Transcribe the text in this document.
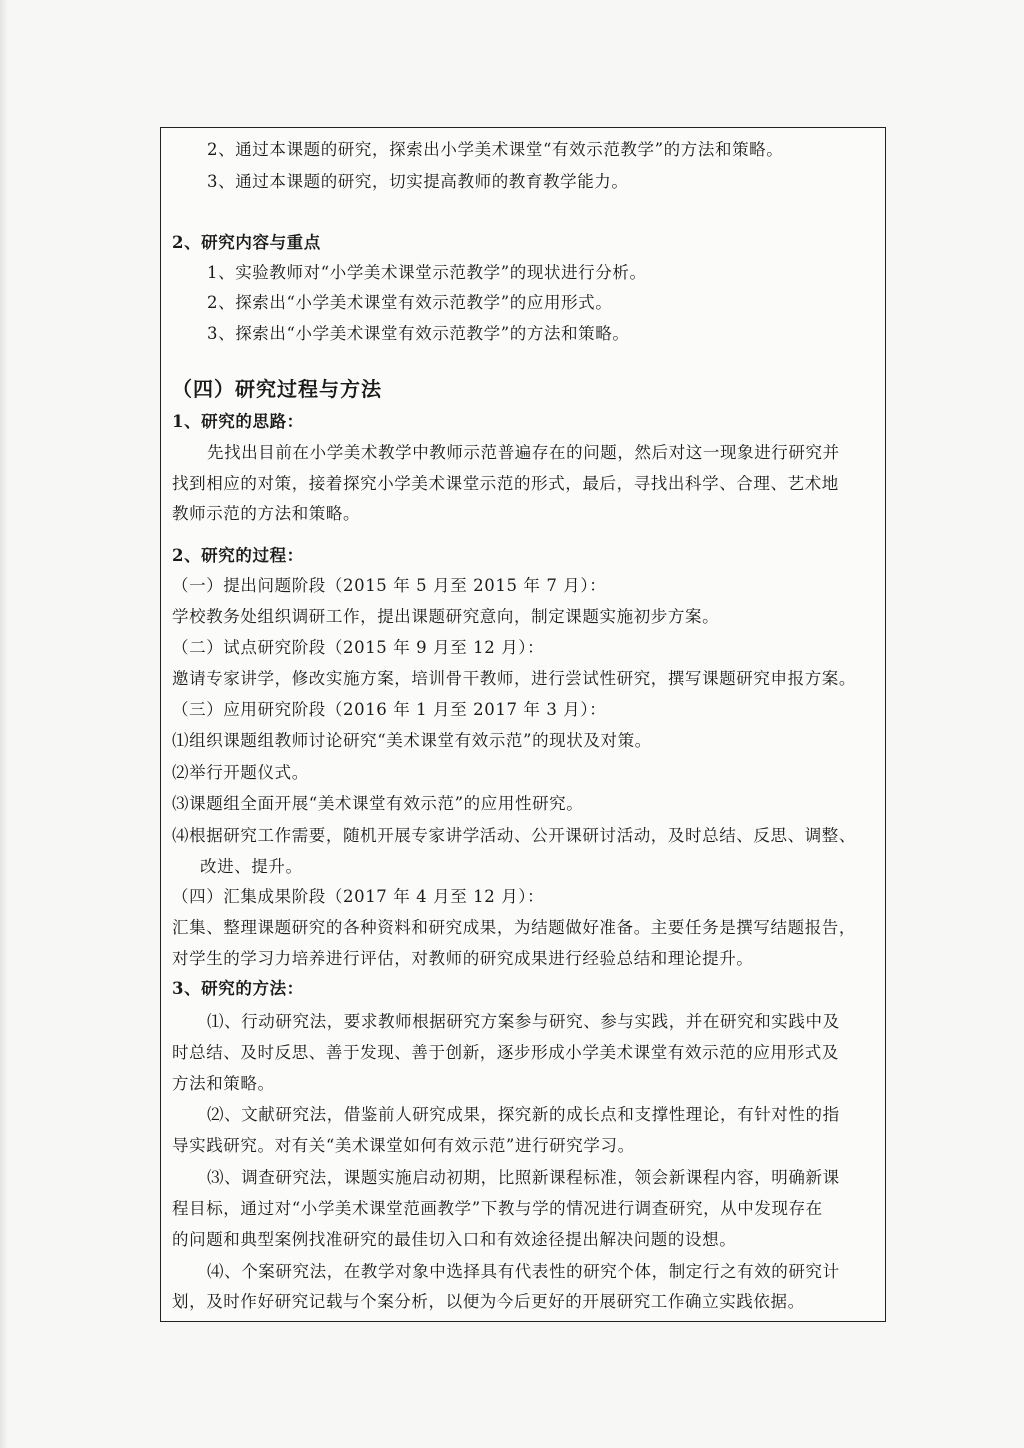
2、通过本课题的研究，探索出小学美术课堂“有效示范教学”的方法和策略。
3、通过本课题的研究，切实提高教师的教育教学能力。
2、研究内容与重点
1、实验教师对“小学美术课堂示范教学”的现状进行分析。
2、探索出“小学美术课堂有效示范教学”的应用形式。
3、探索出“小学美术课堂有效示范教学”的方法和策略。
（四）研究过程与方法
1、研究的思路：
先找出目前在小学美术教学中教师示范普遍存在的问题，然后对这一现象进行研究并
找到相应的对策，接着探究小学美术课堂示范的形式，最后，寻找出科学、合理、艺术地
教师示范的方法和策略。
2、研究的过程：
（一）提出问题阶段（2015 年 5 月至 2015 年 7 月）：
学校教务处组织调研工作，提出课题研究意向，制定课题实施初步方案。
（二）试点研究阶段（2015 年 9 月至 12 月）：
邀请专家讲学，修改实施方案，培训骨干教师，进行尝试性研究，撰写课题研究申报方案。
（三）应用研究阶段（2016 年 1 月至 2017 年 3 月）：
⑴组织课题组教师讨论研究“美术课堂有效示范”的现状及对策。
⑵举行开题仪式。
⑶课题组全面开展“美术课堂有效示范”的应用性研究。
⑷根据研究工作需要，随机开展专家讲学活动、公开课研讨活动，及时总结、反思、调整、
改进、提升。
（四）汇集成果阶段（2017 年 4 月至 12 月）：
汇集、整理课题研究的各种资料和研究成果，为结题做好准备。主要任务是撰写结题报告，
对学生的学习力培养进行评估，对教师的研究成果进行经验总结和理论提升。
3、研究的方法：
⑴、行动研究法，要求教师根据研究方案参与研究、参与实践，并在研究和实践中及
时总结、及时反思、善于发现、善于创新，逐步形成小学美术课堂有效示范的应用形式及
方法和策略。
⑵、文献研究法，借鉴前人研究成果，探究新的成长点和支撑性理论，有针对性的指
导实践研究。对有关“美术课堂如何有效示范”进行研究学习。
⑶、调查研究法，课题实施启动初期，比照新课程标准，领会新课程内容，明确新课
程目标，通过对“小学美术课堂范画教学”下教与学的情况进行调查研究，从中发现存在
的问题和典型案例找准研究的最佳切入口和有效途径提出解决问题的设想。
⑷、个案研究法，在教学对象中选择具有代表性的研究个体，制定行之有效的研究计
划，及时作好研究记载与个案分析，以便为今后更好的开展研究工作确立实践依据。
